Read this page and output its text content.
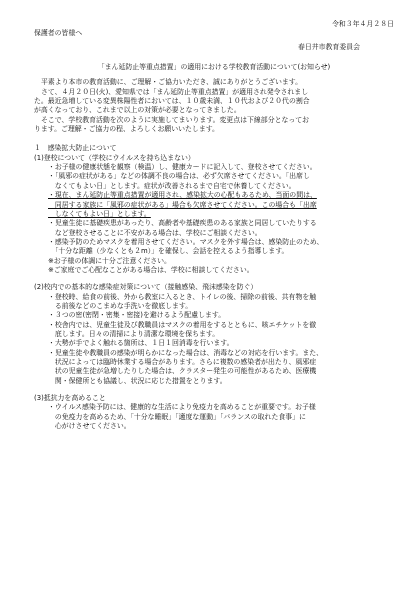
令和３年４月２８日

保護者の皆様へ

春日井市教育委員会

「まん延防止等重点措置」の適用における学校教育活動について(お知らせ)

平素より本市の教育活動に、ご理解・ご協力いただき、誠にありがとうございます。

さて、４月２０日(火)、愛知県では「まん延防止等重点措置」が適用され発令されまし

た。最近急増している変異株陽性者においては、１０歳未満、１０代および２０代の割合

が高くなっており、これまで以上の対策が必要となってきました。

そこで、学校教育活動を次のように実施してまいります。変更点は下線部分となってお

ります。ご理解・ご協力の程、よろしくお願いいたします。

１　感染拡大防止について

(1)登校について（学校にウイルスを持ち込まない）

・お子様の健康状態を観察（検温）し、健康カードに記入して、登校させてください。

・「風邪の症状がある」などの体調不良の場合は、必ず欠席させてください。「出席し

　なくてもよい日」とします。症状が改善されるまで自宅で休養してください。

・現在、まん延防止等重点措置が適用され、感染拡大の心配もあるため、当面の間は、

　同居する家族に「風邪の症状がある」場合も欠席させてください。この場合も「出席

　しなくてもよい日」とします。

・児童生徒に基礎疾患があったり、高齢者や基礎疾患のある家族と同居していたりする

　など登校させることに不安がある場合は、学校にご相談ください。

・感染予防のためマスクを着用させてください。マスクを外す場合は、感染防止のため、

　「十分な距離（少なくとも２m）」を確保し、会話を控えるよう指導します。

※お子様の体調に十分ご注意ください。

※ご家庭でご心配なことがある場合は、学校に相談してください。

(2)校内での基本的な感染症対策について（接触感染、飛沫感染を防ぐ）

・登校時、給食の前後、外から教室に入るとき、トイレの後、掃除の前後、共有物を触

　る前後などのこまめな手洗いを徹底します。

・３つの密(密閉・密集・密接)を避けるよう配慮します。

・校舎内では、児童生徒及び教職員はマスクの着用をするとともに、咳エチケットを徹

　底します。日々の清掃により清潔な環境を保ちます。

・大勢が手でよく触れる箇所は、１日１回消毒を行います。

・児童生徒や教職員の感染が明らかになった場合は、消毒などの対応を行います。また、

　状況によっては臨時休業する場合があります。さらに複数の感染者が出たり、風邪症

　状の児童生徒が急増したりした場合は、クラスター発生の可能性があるため、医療機

　関・保健所とも協議し、状況に応じた措置をとります。

(3)抵抗力を高めること

・ウイルス感染予防には、健康的な生活により免疫力を高めることが重要です。お子様

　の免疫力を高めるため、「十分な睡眠」「適度な運動」「バランスの取れた食事」に

　心がけさせてください。
